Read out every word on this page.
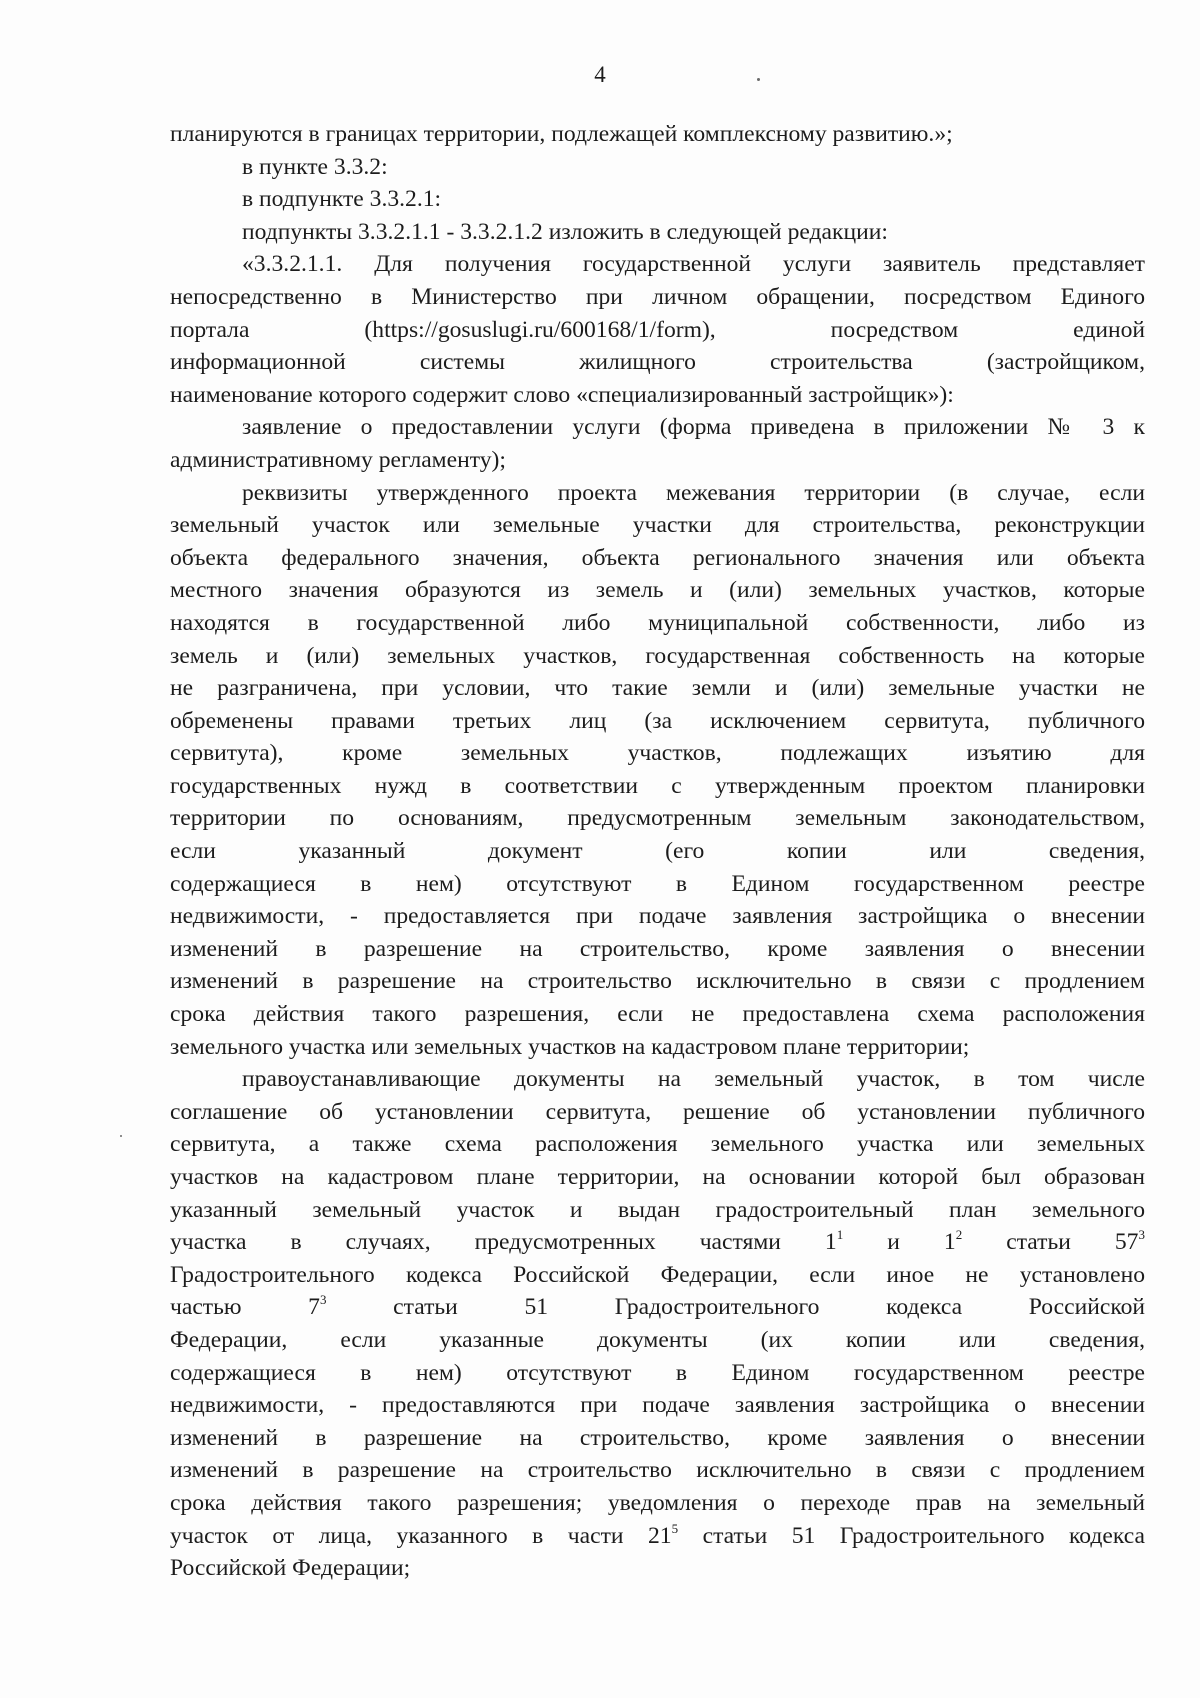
4

планируются в границах территории, подлежащей комплексному развитию.»;

в пункте 3.3.2:

в подпункте 3.3.2.1:

подпункты 3.3.2.1.1 - 3.3.2.1.2 изложить в следующей редакции:

«3.3.2.1.1. Для получения государственной услуги заявитель представляет
непосредственно в Министерство при личном обращении, посредством Единого
портала (https://gosuslugi.ru/600168/1/form), посредством единой
информационной системы жилищного строительства (застройщиком,
наименование которого содержит слово «специализированный застройщик»):

заявление о предоставлении услуги (форма приведена в приложении № 3 к
административному регламенту);

реквизиты утвержденного проекта межевания территории (в случае, если
земельный участок или земельные участки для строительства, реконструкции
объекта федерального значения, объекта регионального значения или объекта
местного значения образуются из земель и (или) земельных участков, которые
находятся в государственной либо муниципальной собственности, либо из
земель и (или) земельных участков, государственная собственность на которые
не разграничена, при условии, что такие земли и (или) земельные участки не
обременены правами третьих лиц (за исключением сервитута, публичного
сервитута), кроме земельных участков, подлежащих изъятию для
государственных нужд в соответствии с утвержденным проектом планировки
территории по основаниям, предусмотренным земельным законодательством,
если указанный документ (его копии или сведения,
содержащиеся в нем) отсутствуют в Едином государственном реестре
недвижимости, - предоставляется при подаче заявления застройщика о внесении
изменений в разрешение на строительство, кроме заявления о внесении
изменений в разрешение на строительство исключительно в связи с продлением
срока действия такого разрешения, если не предоставлена схема расположения
земельного участка или земельных участков на кадастровом плане территории;

правоустанавливающие документы на земельный участок, в том числе
соглашение об установлении сервитута, решение об установлении публичного
сервитута, а также схема расположения земельного участка или земельных
участков на кадастровом плане территории, на основании которой был образован
указанный земельный участок и выдан градостроительный план земельного
участка в случаях, предусмотренных частями $1^1$ и $1^2$ статьи $57^3$
Градостроительного кодекса Российской Федерации, если иное не установлено
частью $7^3$ статьи 51 Градостроительного кодекса Российской
Федерации, если указанные документы (их копии или сведения,
содержащиеся в нем) отсутствуют в Едином государственном реестре
недвижимости, - предоставляются при подаче заявления застройщика о внесении
изменений в разрешение на строительство, кроме заявления о внесении
изменений в разрешение на строительство исключительно в связи с продлением
срока действия такого разрешения; уведомления о переходе прав на земельный
участок от лица, указанного в части $21^5$ статьи 51 Градостроительного кодекса
Российской Федерации;
